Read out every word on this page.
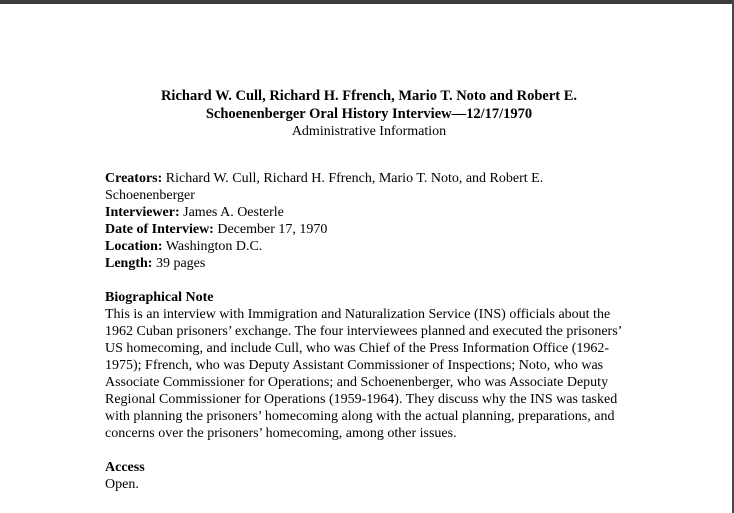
Richard W. Cull, Richard H. Ffrench, Mario T. Noto and Robert E.
Schoenenberger Oral History Interview—12/17/1970
Administrative Information

Creators: Richard W. Cull, Richard H. Ffrench, Mario T. Noto, and Robert E. Schoenenberger

Interviewer: James A. Oesterle

Date of Interview: December 17, 1970

Location: Washington D.C.

Length: 39 pages

Biographical Note

This is an interview with Immigration and Naturalization Service (INS) officials about the 1962 Cuban prisoners’ exchange. The four interviewees planned and executed the prisoners’ US homecoming, and include Cull, who was Chief of the Press Information Office (1962-1975); Ffrench, who was Deputy Assistant Commissioner of Inspections; Noto, who was Associate Commissioner for Operations; and Schoenenberger, who was Associate Deputy Regional Commissioner for Operations (1959-1964). They discuss why the INS was tasked with planning the prisoners’ homecoming along with the actual planning, preparations, and concerns over the prisoners’ homecoming, among other issues.

Access

Open.
